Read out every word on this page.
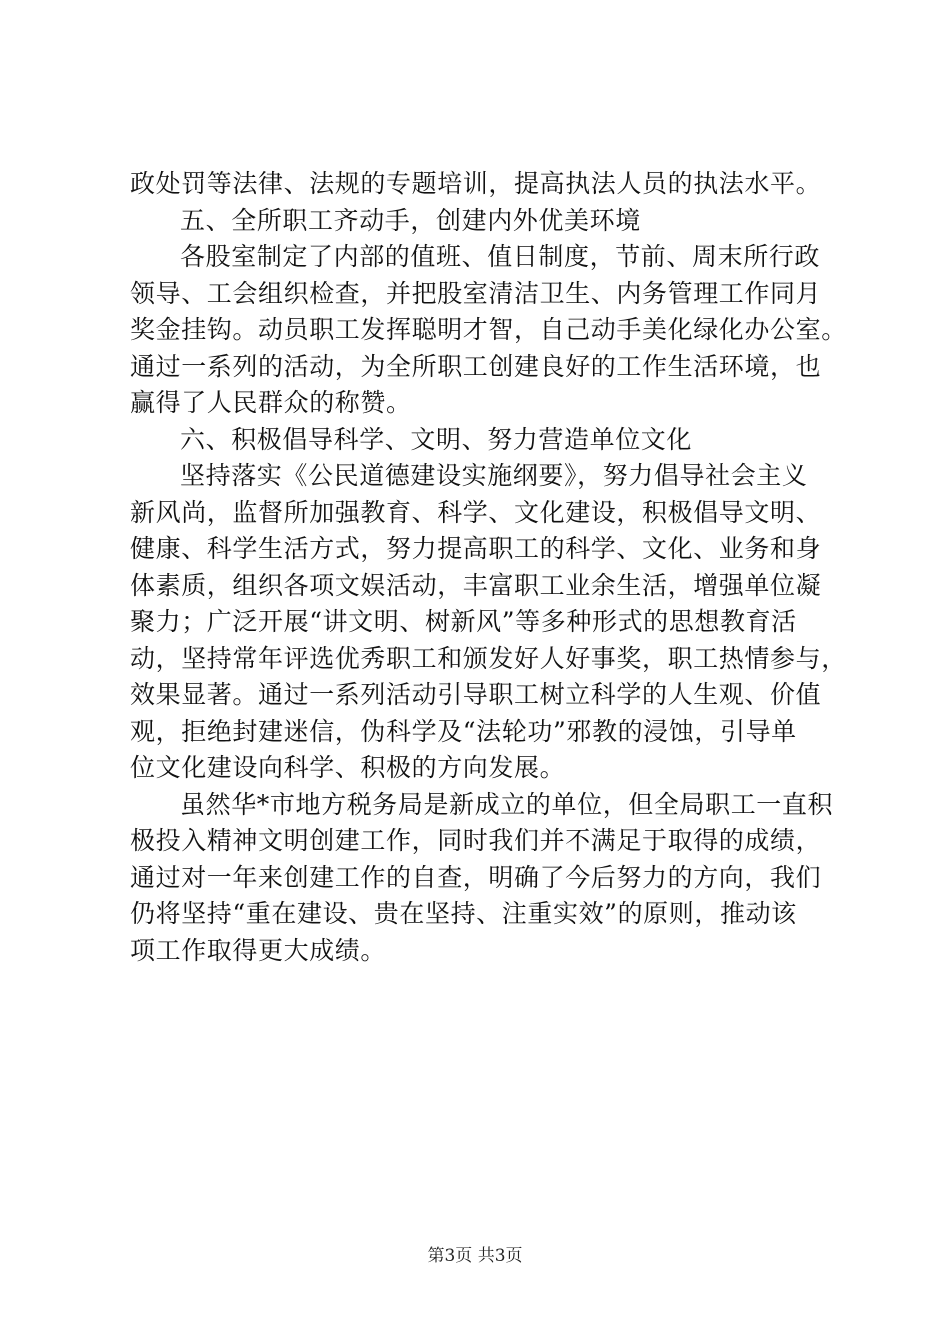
政处罚等法律、法规的专题培训，提高执法人员的执法水平。
五、全所职工齐动手，创建内外优美环境
各股室制定了内部的值班、值日制度，节前、周末所行政
领导、工会组织检查，并把股室清洁卫生、内务管理工作同月
奖金挂钩。动员职工发挥聪明才智，自己动手美化绿化办公室。
通过一系列的活动，为全所职工创建良好的工作生活环境，也
赢得了人民群众的称赞。
六、积极倡导科学、文明、努力营造单位文化
坚持落实《公民道德建设实施纲要》，努力倡导社会主义
新风尚，监督所加强教育、科学、文化建设，积极倡导文明、
健康、科学生活方式，努力提高职工的科学、文化、业务和身
体素质，组织各项文娱活动，丰富职工业余生活，增强单位凝
聚力；广泛开展“讲文明、树新风”等多种形式的思想教育活
动，坚持常年评选优秀职工和颁发好人好事奖，职工热情参与，
效果显著。通过一系列活动引导职工树立科学的人生观、价值
观，拒绝封建迷信，伪科学及“法轮功”邪教的浸蚀，引导单
位文化建设向科学、积极的方向发展。
虽然华*市地方税务局是新成立的单位，但全局职工一直积
极投入精神文明创建工作，同时我们并不满足于取得的成绩，
通过对一年来创建工作的自查，明确了今后努力的方向，我们
仍将坚持“重在建设、贵在坚持、注重实效”的原则，推动该
项工作取得更大成绩。
第3页 共3页
